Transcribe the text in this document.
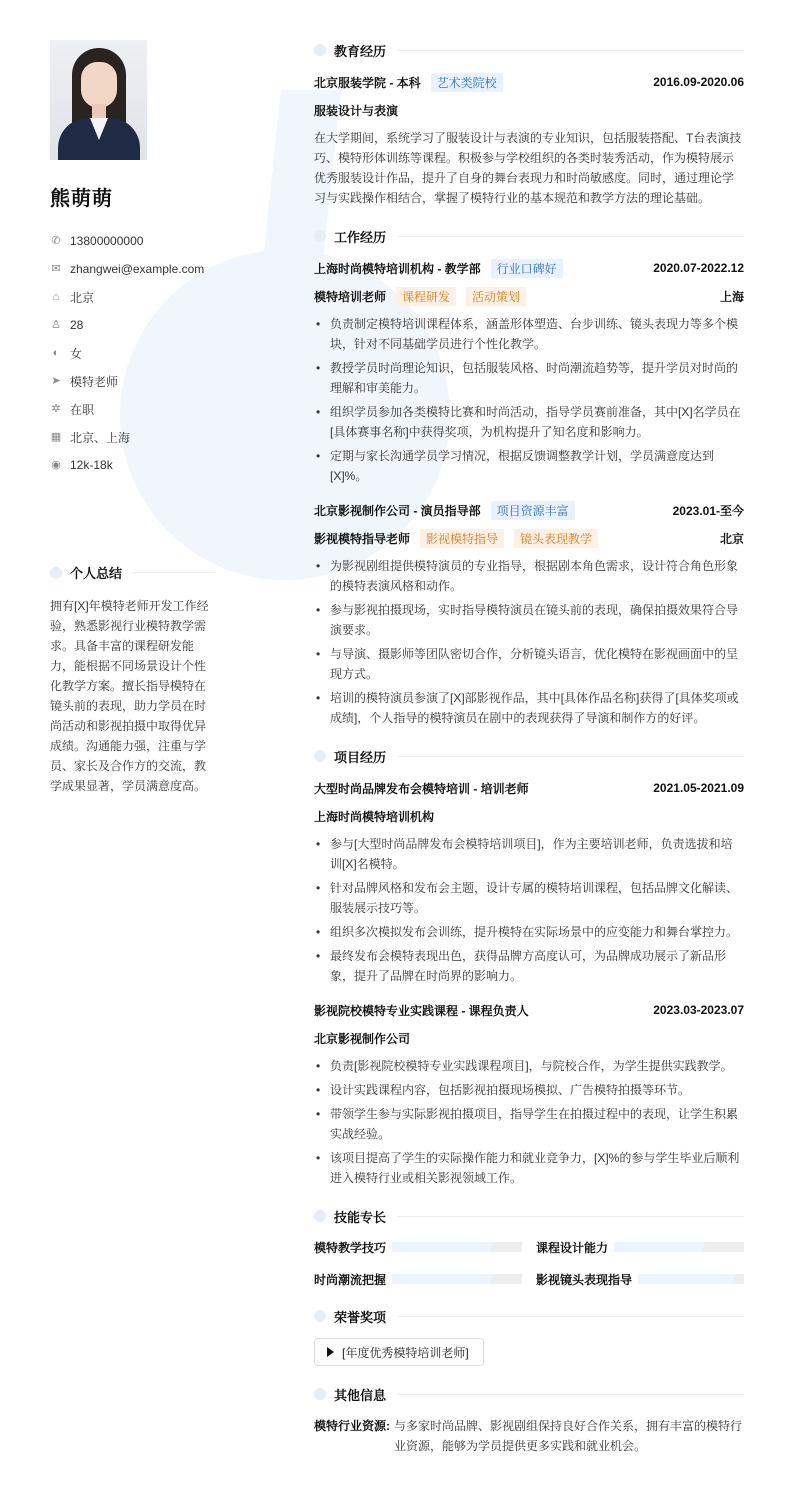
熊萌萌
✆ 13800000000
✉ zhangwei@example.com
⌂ 北京
♙ 28
◐ 女
➤ 模特老师
✲ 在职
▦ 北京、上海
◉ 12k-18k
个人总结

拥有[X]年模特老师开发工作经验，熟悉影视行业模特教学需求。具备丰富的课程研发能力，能根据不同场景设计个性化教学方案。擅长指导模特在镜头前的表现，助力学员在时尚活动和影视拍摄中取得优异成绩。沟通能力强，注重与学员、家长及合作方的交流，教学成果显著，学员满意度高。

教育经历
北京服装学院 - 本科	艺术类院校	2016.09-2020.06
服装设计与表演

在大学期间，系统学习了服装设计与表演的专业知识，包括服装搭配、T台表演技巧、模特形体训练等课程。积极参与学校组织的各类时装秀活动，作为模特展示优秀服装设计作品，提升了自身的舞台表现力和时尚敏感度。同时，通过理论学习与实践操作相结合，掌握了模特行业的基本规范和教学方法的理论基础。

工作经历
上海时尚模特培训机构 - 教学部	行业口碑好	2020.07-2022.12
模特培训老师	课程研发	活动策划	上海
• 负责制定模特培训课程体系，涵盖形体塑造、台步训练、镜头表现力等多个模块，针对不同基础学员进行个性化教学。
• 教授学员时尚理论知识，包括服装风格、时尚潮流趋势等，提升学员对时尚的理解和审美能力。
• 组织学员参加各类模特比赛和时尚活动，指导学员赛前准备，其中[X]名学员在[具体赛事名称]中获得奖项，为机构提升了知名度和影响力。
• 定期与家长沟通学员学习情况，根据反馈调整教学计划，学员满意度达到[X]%。
北京影视制作公司 - 演员指导部	项目资源丰富	2023.01-至今
影视模特指导老师	影视模特指导	镜头表现教学	北京
• 为影视剧组提供模特演员的专业指导，根据剧本角色需求，设计符合角色形象的模特表演风格和动作。
• 参与影视拍摄现场，实时指导模特演员在镜头前的表现，确保拍摄效果符合导演要求。
• 与导演、摄影师等团队密切合作，分析镜头语言，优化模特在影视画面中的呈现方式。
• 培训的模特演员参演了[X]部影视作品，其中[具体作品名称]获得了[具体奖项或成绩]，个人指导的模特演员在剧中的表现获得了导演和制作方的好评。
项目经历
大型时尚品牌发布会模特培训 - 培训老师	2021.05-2021.09
上海时尚模特培训机构
• 参与[大型时尚品牌发布会模特培训项目]，作为主要培训老师，负责选拔和培训[X]名模特。
• 针对品牌风格和发布会主题，设计专属的模特培训课程，包括品牌文化解读、服装展示技巧等。
• 组织多次模拟发布会训练，提升模特在实际场景中的应变能力和舞台掌控力。
• 最终发布会模特表现出色，获得品牌方高度认可，为品牌成功展示了新品形象，提升了品牌在时尚界的影响力。
影视院校模特专业实践课程 - 课程负责人	2023.03-2023.07
北京影视制作公司
• 负责[影视院校模特专业实践课程项目]，与院校合作，为学生提供实践教学。
• 设计实践课程内容，包括影视拍摄现场模拟、广告模特拍摄等环节。
• 带领学生参与实际影视拍摄项目，指导学生在拍摄过程中的表现，让学生积累实战经验。
• 该项目提高了学生的实际操作能力和就业竞争力，[X]%的参与学生毕业后顺利进入模特行业或相关影视领域工作。
技能专长
模特教学技巧	课程设计能力
时尚潮流把握	影视镜头表现指导
荣誉奖项
[年度优秀模特培训老师]
其他信息
模特行业资源: 与多家时尚品牌、影视剧组保持良好合作关系，拥有丰富的模特行业资源，能够为学员提供更多实践和就业机会。
